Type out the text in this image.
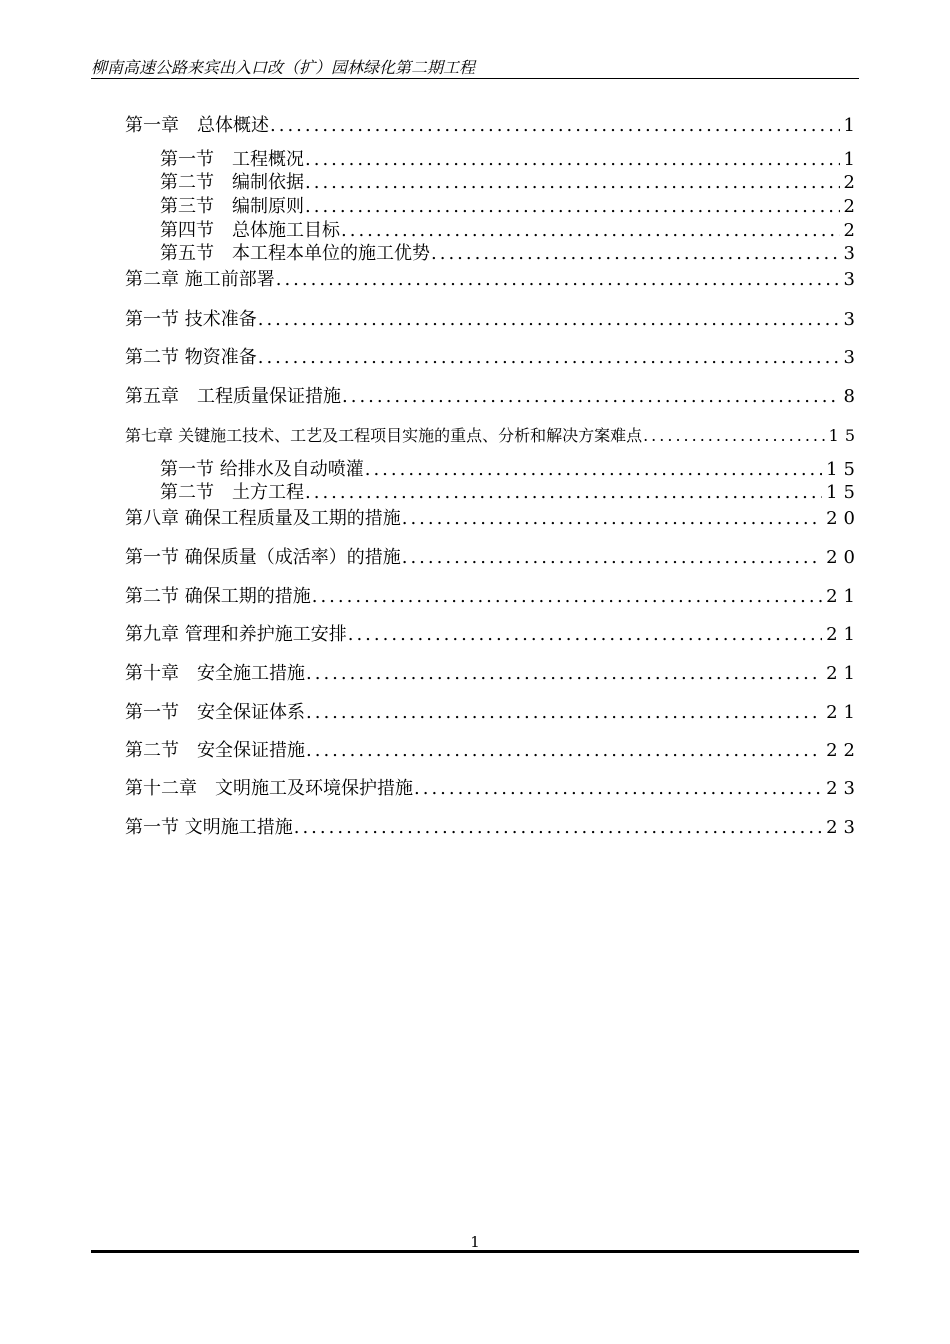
柳南高速公路来宾出入口改（扩）园林绿化第二期工程
第一章　总体概述 .....	1
第一节　工程概况 .....	1
第二节　编制依据 .....	2
第三节　编制原则 .....	2
第四节　总体施工目标 .....	2
第五节　本工程本单位的施工优势 .....	3
第二章 施工前部署 .....	3
第一节 技术准备 .....	3
第二节 物资准备 .....	3
第五章　工程质量保证措施 .....	8
第七章 关键施工技术、工艺及工程项目实施的重点、分析和解决方案难点 .....	15
第一节 给排水及自动喷灌 .....	15
第二节　土方工程 .....	15
第八章 确保工程质量及工期的措施 .....	20
第一节 确保质量（成活率）的措施 .....	20
第二节 确保工期的措施 .....	21
第九章 管理和养护施工安排 .....	21
第十章　安全施工措施 .....	21
第一节　安全保证体系 .....	21
第二节　安全保证措施 .....	22
第十二章　文明施工及环境保护措施 .....	23
第一节 文明施工措施 .....	23
1
